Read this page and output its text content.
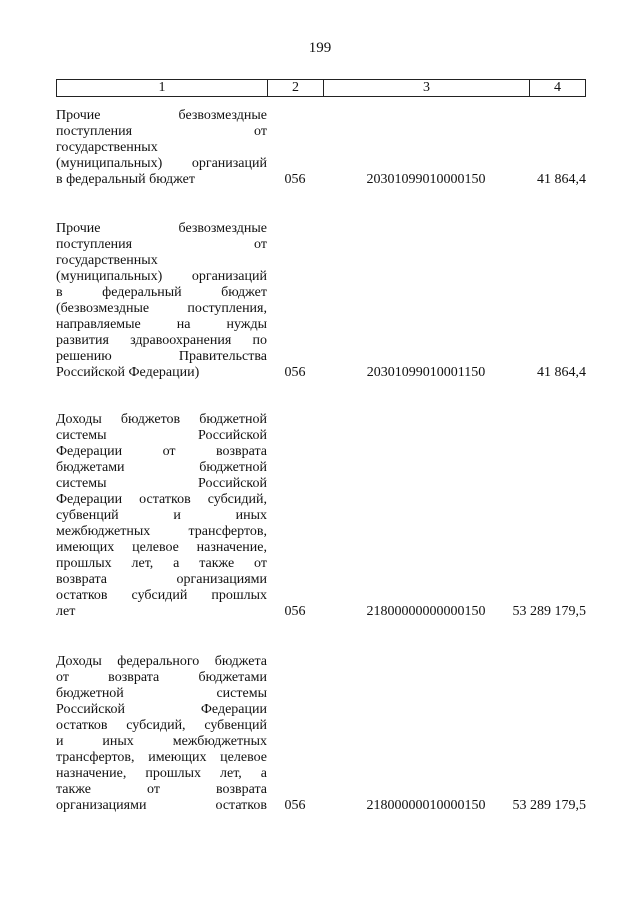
199
1	2	3	4
Прочие безвозмездные
поступления от
государственных
(муниципальных) организаций
в федеральный бюджет	056	20301099010000150	41 864,4
Прочие безвозмездные
поступления от
государственных
(муниципальных) организаций
в федеральный бюджет
(безвозмездные поступления,
направляемые на нужды
развития здравоохранения по
решению Правительства
Российской Федерации)	056	20301099010001150	41 864,4
Доходы бюджетов бюджетной
системы Российской
Федерации от возврата
бюджетами бюджетной
системы Российской
Федерации остатков субсидий,
субвенций и иных
межбюджетных трансфертов,
имеющих целевое назначение,
прошлых лет, а также от
возврата организациями
остатков субсидий прошлых
лет	056	21800000000000150	53 289 179,5
Доходы федерального бюджета
от возврата бюджетами
бюджетной системы
Российской Федерации
остатков субсидий, субвенций
и иных межбюджетных
трансфертов, имеющих целевое
назначение, прошлых лет, а
также от возврата
организациями остатков	056	21800000010000150	53 289 179,5
